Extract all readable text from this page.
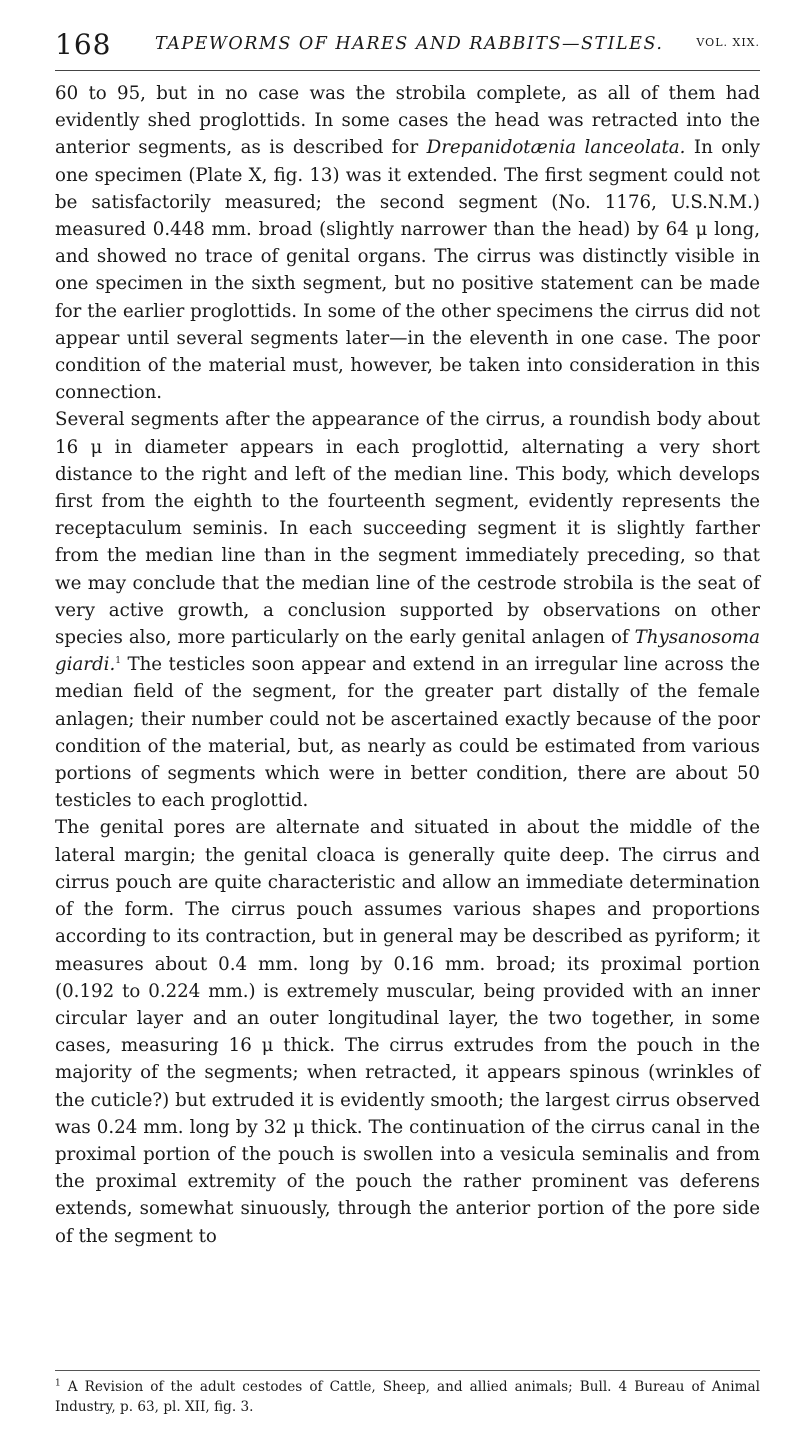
168 TAPEWORMS OF HARES AND RABBITS—STILES.	VOL. XIX.

60 to 95, but in no case was the strobila complete, as all of them had evidently shed proglottids. In some cases the head was retracted into the anterior segments, as is described for Drepanidotænia lanceolata. In only one specimen (Plate X, fig. 13) was it extended. The first segment could not be satisfactorily measured; the second segment (No. 1176, U.S.N.M.) measured 0.448 mm. broad (slightly narrower than the head) by 64 μ long, and showed no trace of genital organs. The cirrus was distinctly visible in one specimen in the sixth segment, but no positive statement can be made for the earlier proglottids. In some of the other specimens the cirrus did not appear until several segments later—in the eleventh in one case. The poor condition of the material must, however, be taken into consideration in this connection.

Several segments after the appearance of the cirrus, a roundish body about 16 μ in diameter appears in each proglottid, alternating a very short distance to the right and left of the median line. This body, which develops first from the eighth to the fourteenth segment, evidently represents the receptaculum seminis. In each succeeding segment it is slightly farther from the median line than in the segment immediately preceding, so that we may conclude that the median line of the cestrode strobila is the seat of very active growth, a conclusion supported by observations on other species also, more particularly on the early genital anlagen of Thysanosoma giardi.$^1$ The testicles soon appear and extend in an irregular line across the median field of the segment, for the greater part distally of the female anlagen; their number could not be ascertained exactly because of the poor condition of the material, but, as nearly as could be estimated from various portions of segments which were in better condition, there are about 50 testicles to each proglottid.

The genital pores are alternate and situated in about the middle of the lateral margin; the genital cloaca is generally quite deep. The cirrus and cirrus pouch are quite characteristic and allow an immediate determination of the form. The cirrus pouch assumes various shapes and proportions according to its contraction, but in general may be described as pyriform; it measures about 0.4 mm. long by 0.16 mm. broad; its proximal portion (0.192 to 0.224 mm.) is extremely muscular, being provided with an inner circular layer and an outer longitudinal layer, the two together, in some cases, measuring 16 μ thick. The cirrus extrudes from the pouch in the majority of the segments; when retracted, it appears spinous (wrinkles of the cuticle?) but extruded it is evidently smooth; the largest cirrus observed was 0.24 mm. long by 32 μ thick. The continuation of the cirrus canal in the proximal portion of the pouch is swollen into a vesicula seminalis and from the proximal extremity of the pouch the rather prominent vas deferens extends, somewhat sinuously, through the anterior portion of the pore side of the segment to

$^1$ A Revision of the adult cestodes of Cattle, Sheep, and allied animals; Bull. 4 Bureau of Animal Industry, p. 63, pl. XII, fig. 3.
